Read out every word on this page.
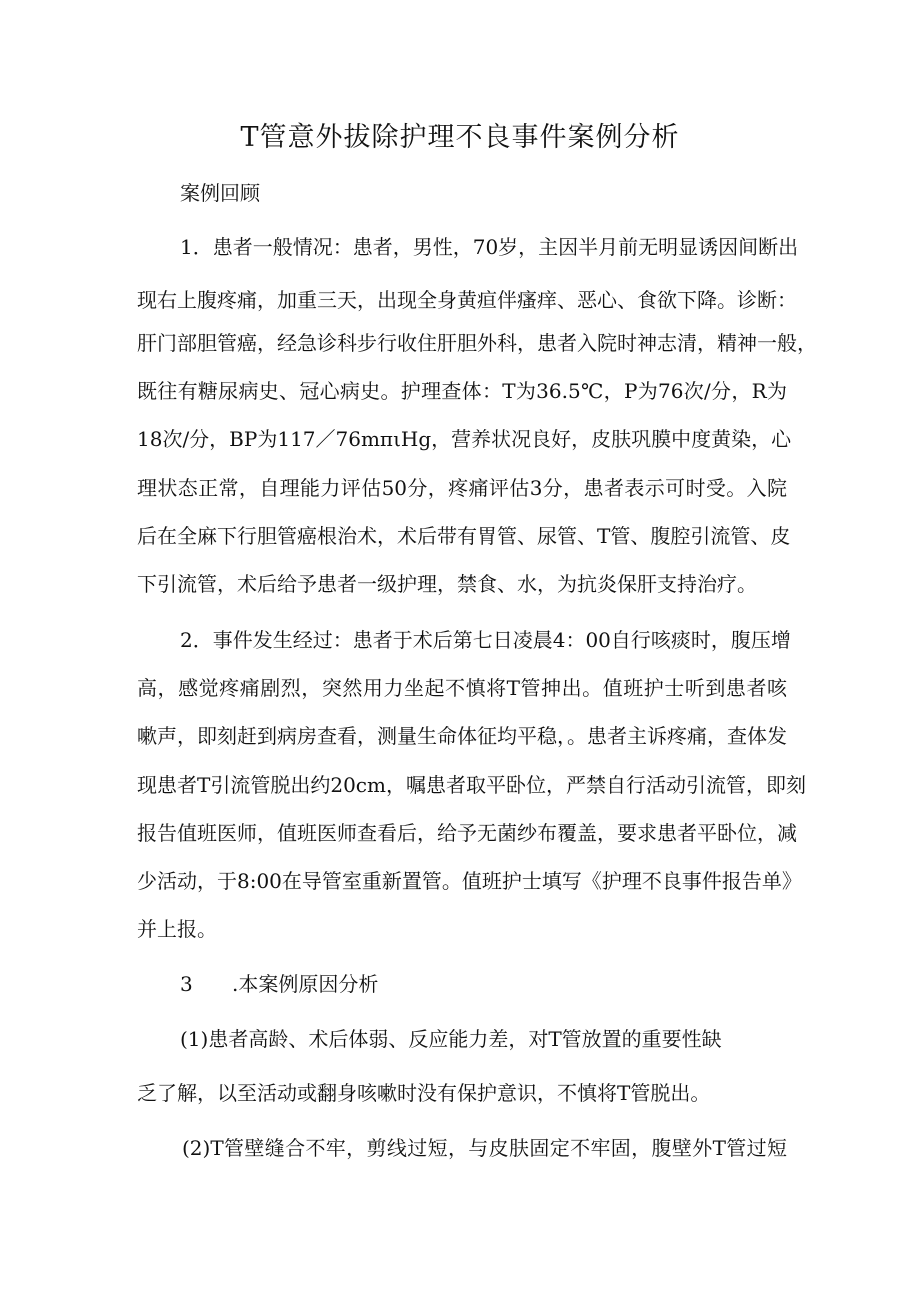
T管意外拔除护理不良事件案例分析
案例回顾
1．患者一般情况：患者，男性，70岁，主因半月前无明显诱因间断出
现右上腹疼痛，加重三天，出现全身黄疸伴瘙痒、恶心、食欲下降。诊断：
肝门部胆管癌，经急诊科步行收住肝胆外科，患者入院时神志清，精神一般，
既往有糖尿病史、冠心病史。护理查体：T为36.5℃，P为76次/分，R为
18次/分，BP为117／76mπιHg，营养状况良好，皮肤巩膜中度黄染，心
理状态正常，自理能力评估50分，疼痛评估3分，患者表示可时受。入院
后在全麻下行胆管癌根治术，术后带有胃管、尿管、T管、腹腔引流管、皮
下引流管，术后给予患者一级护理，禁食、水，为抗炎保肝支持治疗。
2．事件发生经过：患者于术后第七日凌晨4：00自行咳痰时，腹压增
高，感觉疼痛剧烈，突然用力坐起不慎将T管抻出。值班护士听到患者咳
嗽声，即刻赶到病房查看，测量生命体征均平稳，。患者主诉疼痛，查体发
现患者T引流管脱出约20cm，嘱患者取平卧位，严禁自行活动引流管，即刻
报告值班医师，值班医师查看后，给予无菌纱布覆盖，要求患者平卧位，减
少活动，于8:00在导管室重新置管。值班护士填写《护理不良事件报告单》
并上报。
3 .本案例原因分析
(1)患者高龄、术后体弱、反应能力差，对T管放置的重要性缺
乏了解，以至活动或翻身咳嗽时没有保护意识，不慎将T管脱出。
(2)T管壁缝合不牢，剪线过短，与皮肤固定不牢固，腹壁外T管过短
